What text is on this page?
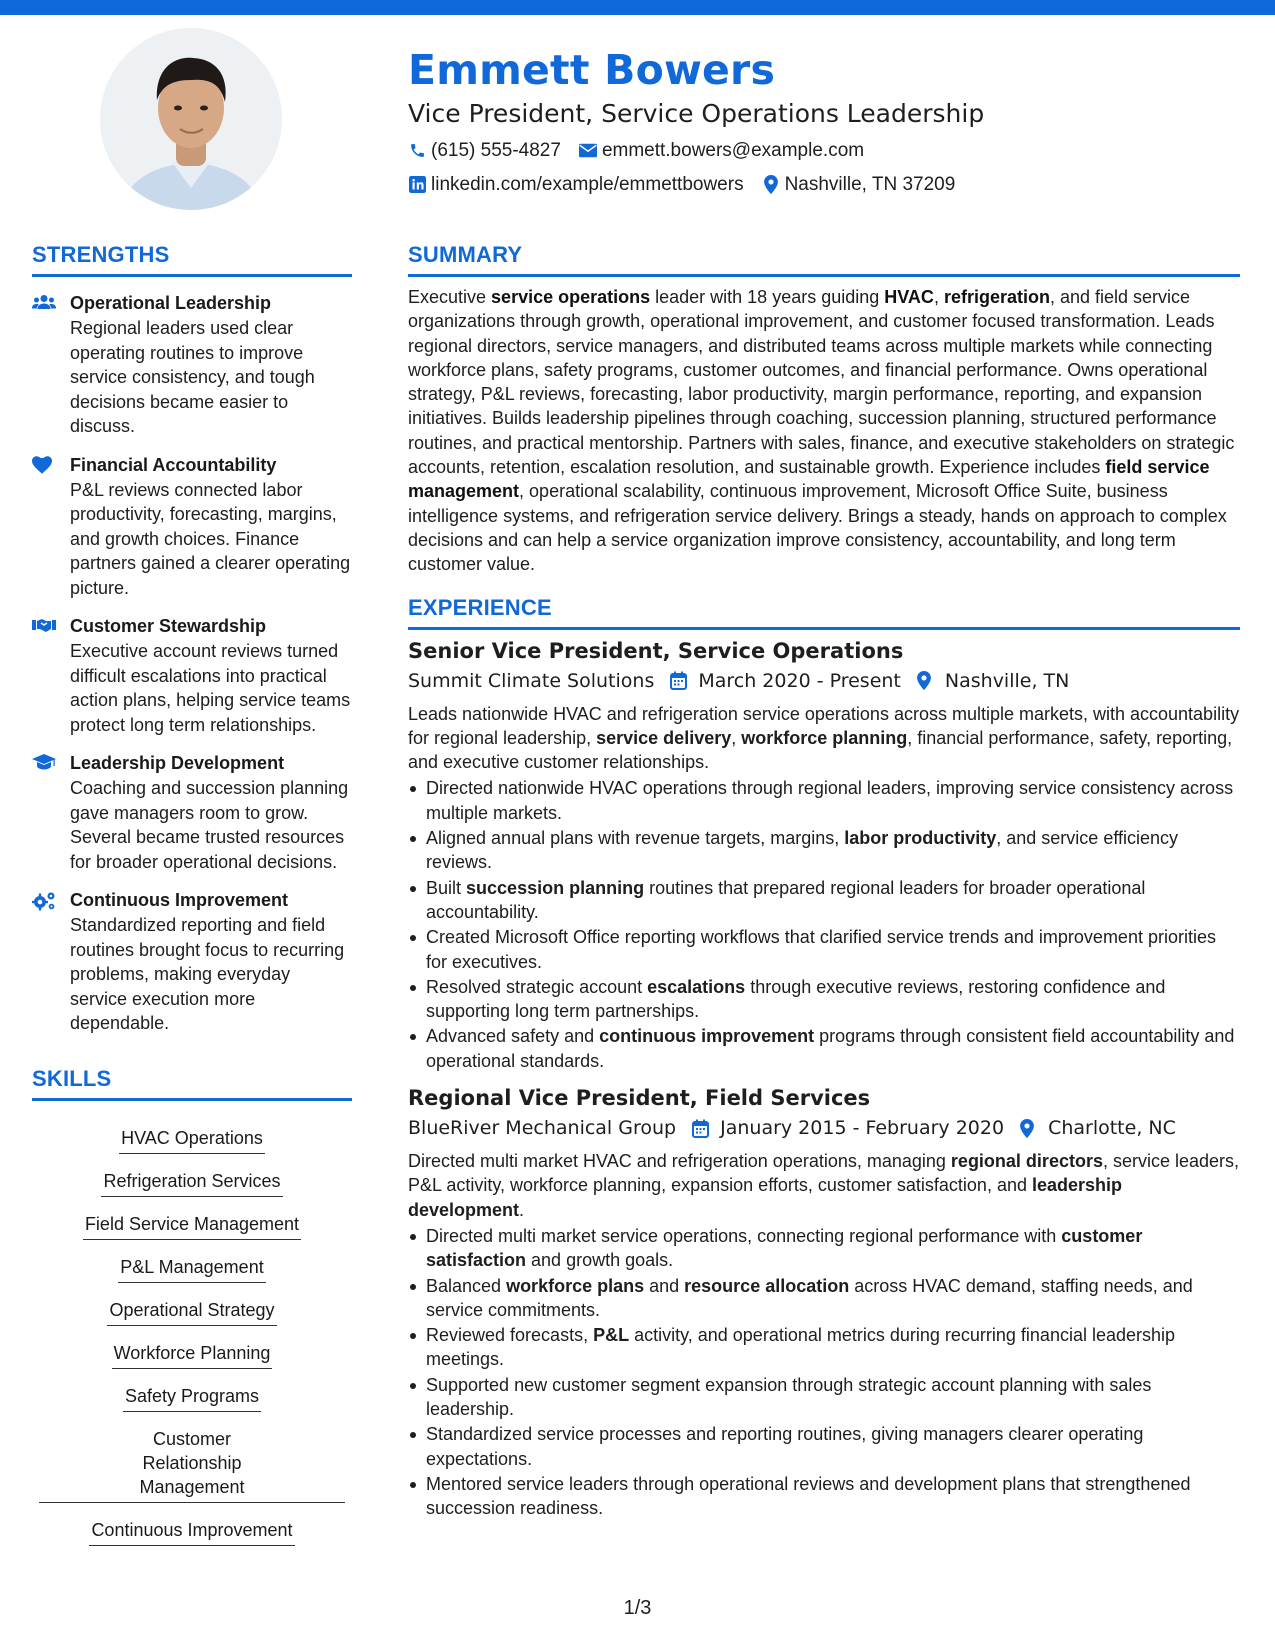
Emmett Bowers
Vice President, Service Operations Leadership
(615) 555-4827 emmett.bowers@example.com
linkedin.com/example/emmettbowers Nashville, TN 37209
STRENGTHS
Operational Leadership
Regional leaders used clear operating routines to improve service consistency, and tough decisions became easier to discuss.
Financial Accountability
P&L reviews connected labor productivity, forecasting, margins, and growth choices. Finance partners gained a clearer operating picture.
Customer Stewardship
Executive account reviews turned difficult escalations into practical action plans, helping service teams protect long term relationships.
Leadership Development
Coaching and succession planning gave managers room to grow. Several became trusted resources for broader operational decisions.
Continuous Improvement
Standardized reporting and field routines brought focus to recurring problems, making everyday service execution more dependable.
SKILLS
HVAC Operations
Refrigeration Services
Field Service Management
P&L Management
Operational Strategy
Workforce Planning
Safety Programs
Customer Relationship Management
Continuous Improvement
SUMMARY
Executive service operations leader with 18 years guiding HVAC, refrigeration, and field service organizations through growth, operational improvement, and customer focused transformation. Leads regional directors, service managers, and distributed teams across multiple markets while connecting workforce plans, safety programs, customer outcomes, and financial performance. Owns operational strategy, P&L reviews, forecasting, labor productivity, margin performance, reporting, and expansion initiatives. Builds leadership pipelines through coaching, succession planning, structured performance routines, and practical mentorship. Partners with sales, finance, and executive stakeholders on strategic accounts, retention, escalation resolution, and sustainable growth. Experience includes field service management, operational scalability, continuous improvement, Microsoft Office Suite, business intelligence systems, and refrigeration service delivery. Brings a steady, hands on approach to complex decisions and can help a service organization improve consistency, accountability, and long term customer value.
EXPERIENCE
Senior Vice President, Service Operations
Summit Climate Solutions March 2020 - Present Nashville, TN
Leads nationwide HVAC and refrigeration service operations across multiple markets, with accountability for regional leadership, service delivery, workforce planning, financial performance, safety, reporting, and executive customer relationships.
Directed nationwide HVAC operations through regional leaders, improving service consistency across multiple markets.
Aligned annual plans with revenue targets, margins, labor productivity, and service efficiency reviews.
Built succession planning routines that prepared regional leaders for broader operational accountability.
Created Microsoft Office reporting workflows that clarified service trends and improvement priorities for executives.
Resolved strategic account escalations through executive reviews, restoring confidence and supporting long term partnerships.
Advanced safety and continuous improvement programs through consistent field accountability and operational standards.
Regional Vice President, Field Services
BlueRiver Mechanical Group January 2015 - February 2020 Charlotte, NC
Directed multi market HVAC and refrigeration operations, managing regional directors, service leaders, P&L activity, workforce planning, expansion efforts, customer satisfaction, and leadership development.
Directed multi market service operations, connecting regional performance with customer satisfaction and growth goals.
Balanced workforce plans and resource allocation across HVAC demand, staffing needs, and service commitments.
Reviewed forecasts, P&L activity, and operational metrics during recurring financial leadership meetings.
Supported new customer segment expansion through strategic account planning with sales leadership.
Standardized service processes and reporting routines, giving managers clearer operating expectations.
Mentored service leaders through operational reviews and development plans that strengthened succession readiness.
1/3
